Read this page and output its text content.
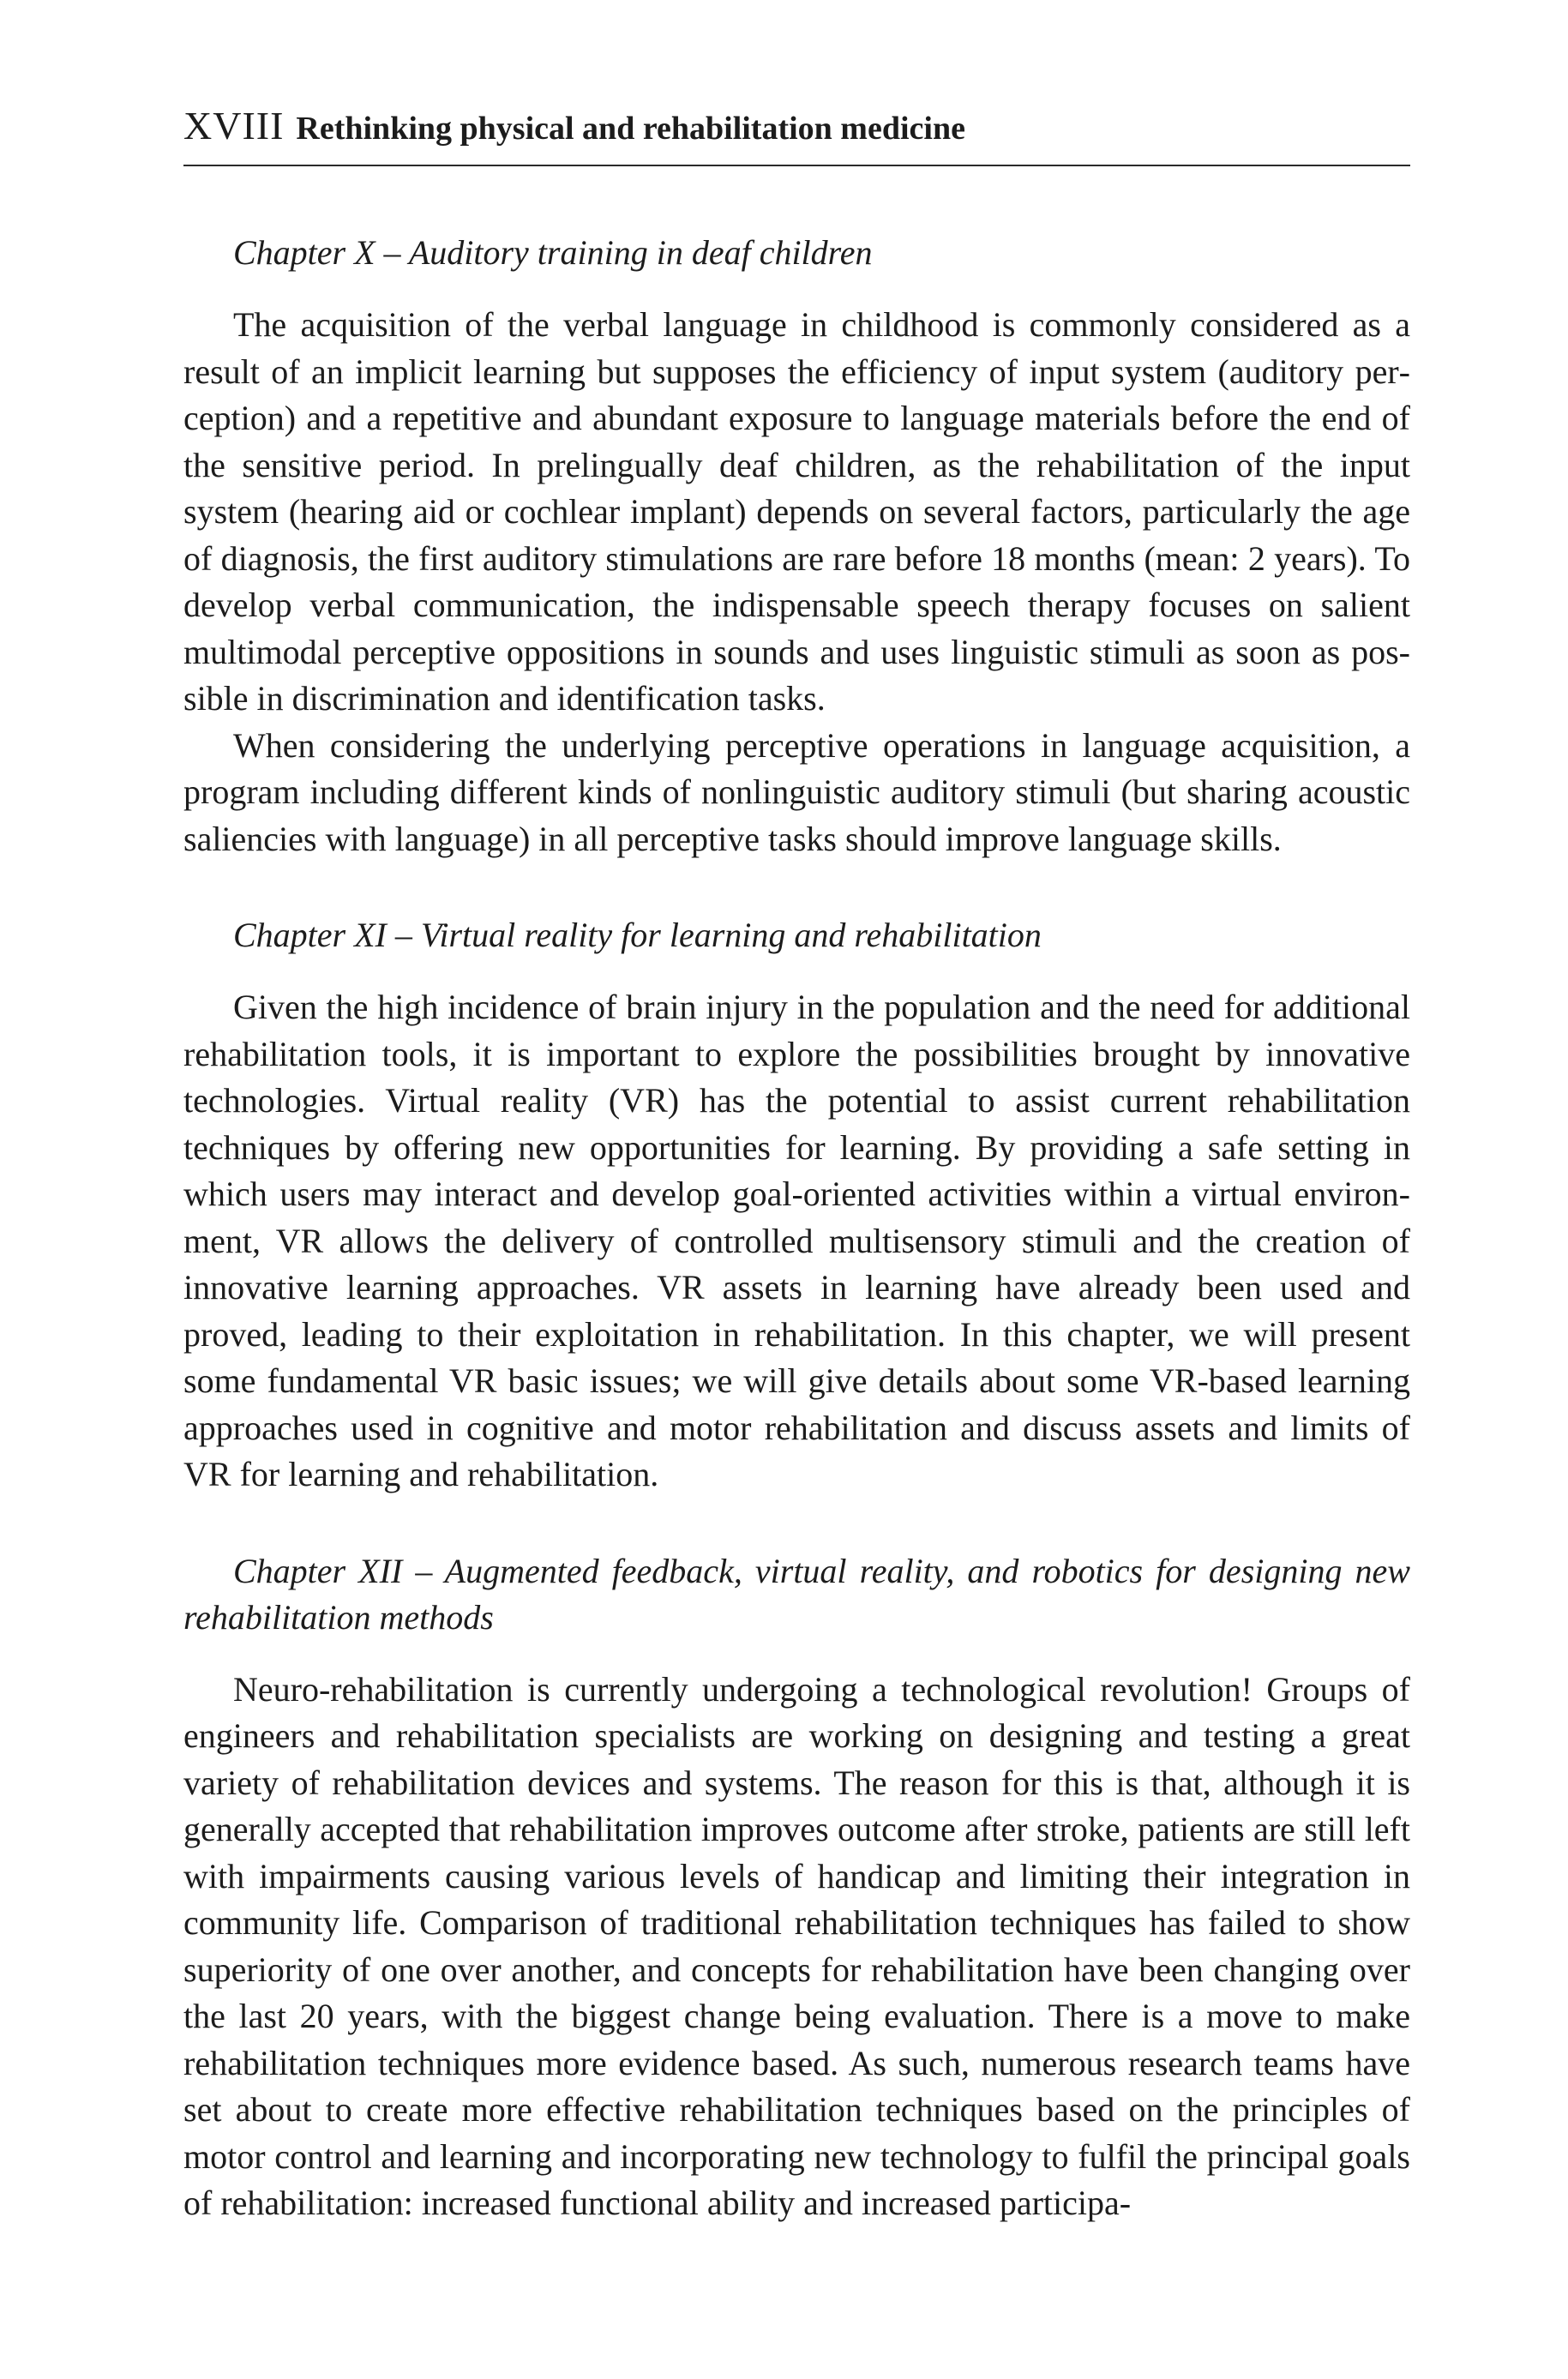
XVIII Rethinking physical and rehabilitation medicine

Chapter X – Auditory training in deaf children

The acquisition of the verbal language in childhood is commonly considered as a result of an implicit learning but supposes the efficiency of input system (auditory perception) and a repetitive and abundant exposure to language materials before the end of the sensitive period. In prelingually deaf children, as the rehabilitation of the input system (hearing aid or cochlear implant) depends on several factors, particularly the age of diagnosis, the first auditory stimulations are rare before 18 months (mean: 2 years). To develop verbal communication, the indispensable speech therapy focuses on salient multimodal perceptive oppositions in sounds and uses linguistic stimuli as soon as possible in discrimination and identification tasks.

When considering the underlying perceptive operations in language acquisition, a program including different kinds of nonlinguistic auditory stimuli (but sharing acoustic saliencies with language) in all perceptive tasks should improve language skills.

Chapter XI – Virtual reality for learning and rehabilitation

Given the high incidence of brain injury in the population and the need for additional rehabilitation tools, it is important to explore the possibilities brought by innovative technologies. Virtual reality (VR) has the potential to assist current rehabilitation techniques by offering new opportunities for learning. By providing a safe setting in which users may interact and develop goal-oriented activities within a virtual environment, VR allows the delivery of controlled multisensory stimuli and the creation of innovative learning approaches. VR assets in learning have already been used and proved, leading to their exploitation in rehabilitation. In this chapter, we will present some fundamental VR basic issues; we will give details about some VR-based learning approaches used in cognitive and motor rehabilitation and discuss assets and limits of VR for learning and rehabilitation.

Chapter XII – Augmented feedback, virtual reality, and robotics for designing new rehabilitation methods

Neuro-rehabilitation is currently undergoing a technological revolution! Groups of engineers and rehabilitation specialists are working on designing and testing a great variety of rehabilitation devices and systems. The reason for this is that, although it is generally accepted that rehabilitation improves outcome after stroke, patients are still left with impairments causing various levels of handicap and limiting their integration in community life. Comparison of traditional rehabilitation techniques has failed to show superiority of one over another, and concepts for rehabilitation have been changing over the last 20 years, with the biggest change being evaluation. There is a move to make rehabilitation techniques more evidence based. As such, numerous research teams have set about to create more effective rehabilitation techniques based on the principles of motor control and learning and incorporating new technology to fulfil the principal goals of rehabilitation: increased functional ability and increased participa-
